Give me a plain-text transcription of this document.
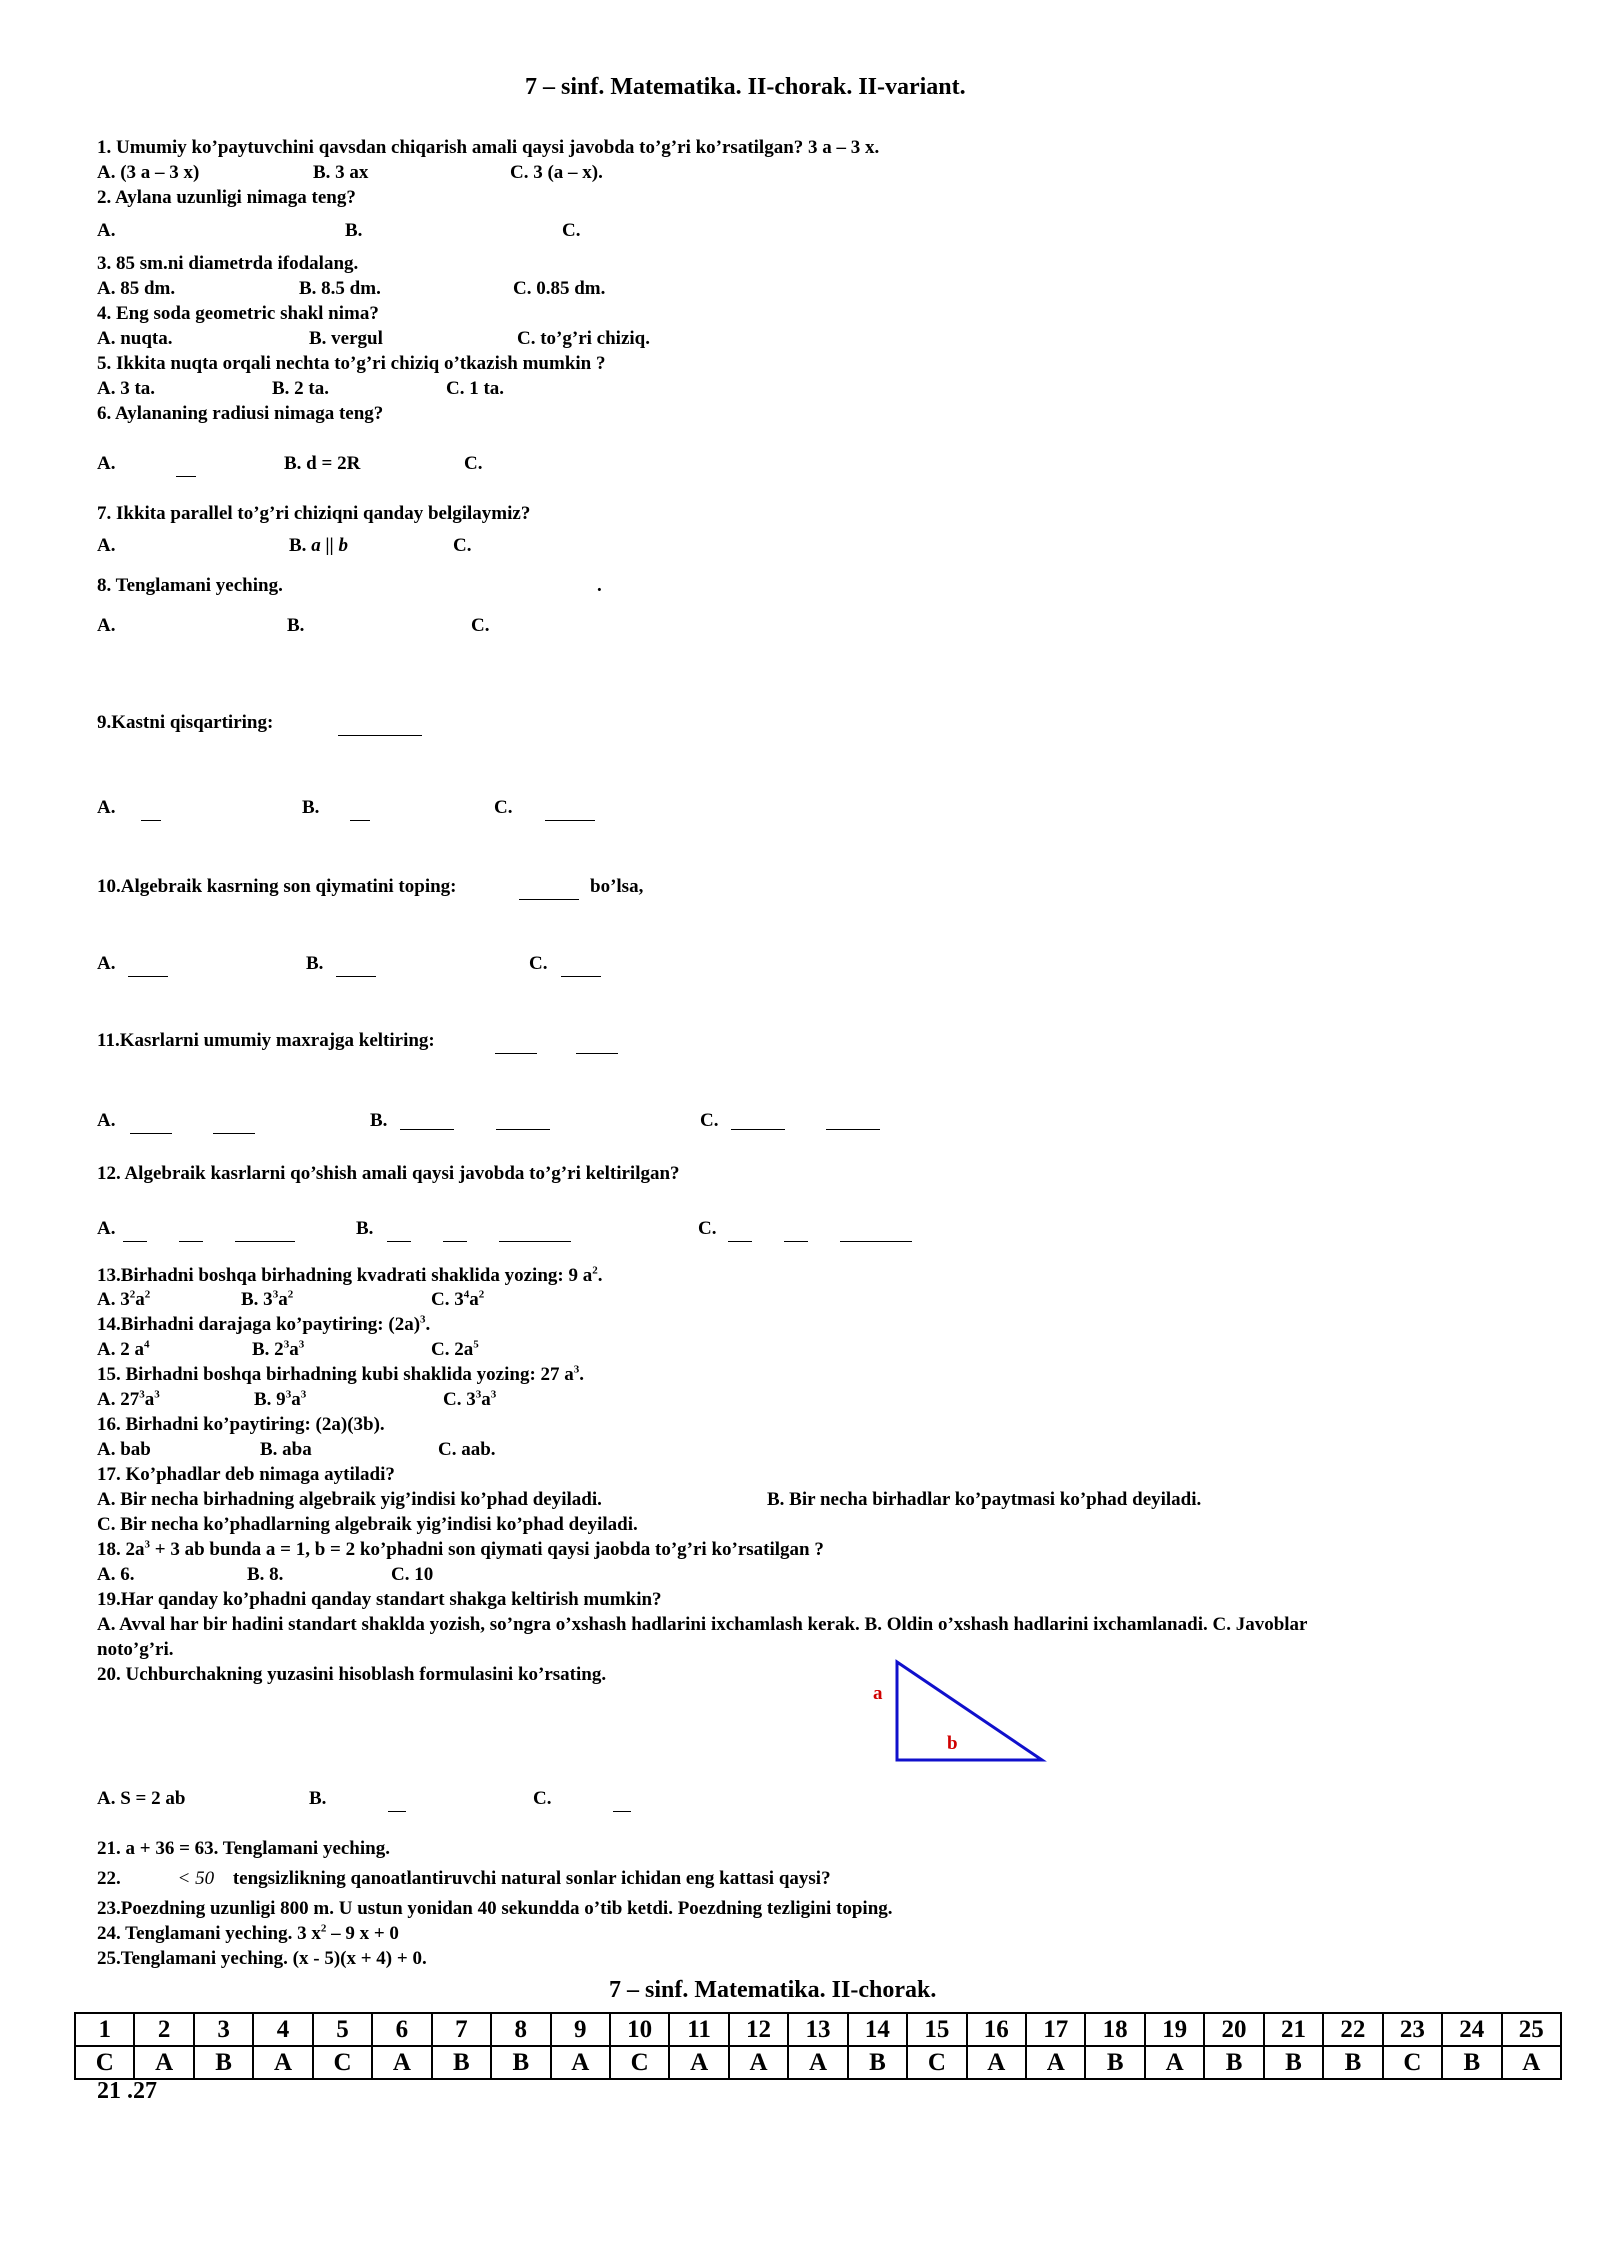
7 – sinf. Matematika. II-chorak. II-variant.
1. Umumiy ko’paytuvchini qavsdan chiqarish amali qaysi javobda to’g’ri ko’rsatilgan? 3 a – 3 x.
A. (3 a – 3 x)	B. 3 ax	C. 3 (a – x).
2. Aylana uzunligi nimaga teng?
A.	B.	C.
3. 85 sm.ni diametrda ifodalang.
A. 85 dm.	B. 8.5 dm.	C. 0.85 dm.
4. Eng soda geometric shakl nima?
A. nuqta.	B. vergul	C. to’g’ri chiziq.
5. Ikkita nuqta orqali nechta to’g’ri chiziq o’tkazish mumkin ?
A. 3 ta.	B. 2 ta.	C. 1 ta.
6. Aylananing radiusi nimaga teng?
A.	B. d = 2R	C.
7. Ikkita parallel to’g’ri chiziqni qanday belgilaymiz?
A.	B. a || b	C.
8. Tenglamani yeching.	.
A.	B.	C.
9.Kastni qisqartiring:
A.	B.	C.
10.Algebraik kasrning son qiymatini toping:	bo’lsa,
A.	B.	C.
11.Kasrlarni umumiy maxrajga keltiring:
A.	B.	C.
12. Algebraik kasrlarni qo’shish amali qaysi javobda to’g’ri keltirilgan?
A.
	B.
	C.

13.Birhadni boshqa birhadning kvadrati shaklida yozing: 9 $a^2$.
A. $3^2a^2$	B. $3^3a^2$	C. $3^4a^2$
14.Birhadni darajaga ko’paytiring: $(2a)^3$.
A. 2 $a^4$	B. $2^3a^3$	C. $2a^5$
15. Birhadni boshqa birhadning kubi shaklida yozing: 27 $a^3$.
A. $27^3a^3$	B. $9^3a^3$	C. $3^3a^3$
16. Birhadni ko’paytiring: (2a)(3b).
A. bab	B. aba	C. aab.
17. Ko’phadlar deb nimaga aytiladi?
A. Bir necha birhadning algebraik yig’indisi ko’phad deyiladi.	B. Bir necha birhadlar ko’paytmasi ko’phad deyiladi.
C. Bir necha ko’phadlarning algebraik yig’indisi ko’phad deyiladi.
18. $2a^3 + 3$ ab bunda a = 1, b = 2 ko’phadni son qiymati qaysi jaobda to’g’ri ko’rsatilgan ?
A. 6.	B. 8.	C. 10
19.Har qanday ko’phadni qanday standart shakga keltirish mumkin?
A. Avval har bir hadini standart shaklda yozish, so’ngra o’xshash hadlarini ixchamlash kerak. B. Oldin o’xshash hadlarini ixchamlanadi. C. Javoblar
noto’g’ri.
20. Uchburchakning yuzasini hisoblash formulasini ko’rsating.
a
b
A. S = 2 ab	B.	C.
21. a + 36 = 63. Tenglamani yeching.
22.	< 50 tengsizlikning qanoatlantiruvchi natural sonlar ichidan eng kattasi qaysi?
23.Poezdning uzunligi 800 m. U ustun yonidan 40 sekundda o’tib ketdi. Poezdning tezligini toping.
24. Tenglamani yeching. 3 $x^2 - 9$ x + 0
25.Tenglamani yeching. (x - 5)(x + 4) + 0.
7 – sinf. Matematika. II-chorak.
1	2	3	4	5	6	7	8	9	10	11	12	13	14	15	16	17	18	19	20	21	22	23	24	25
C	A	B	A	C	A	B	B	A	C	A	A	A	B	C	A	A	B	A	B	B	B	C	B	A
21 .27
